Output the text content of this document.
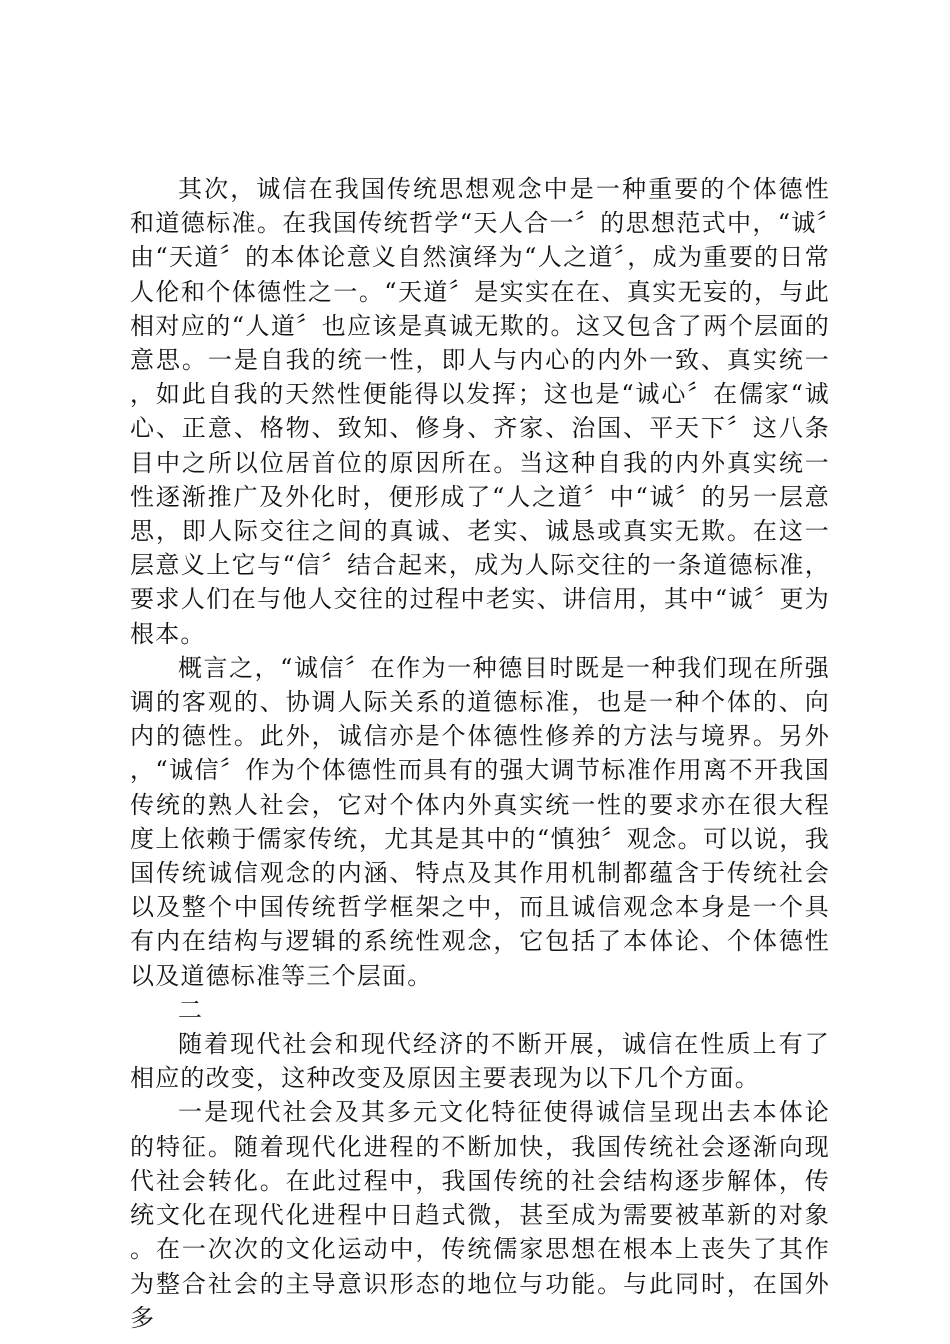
其次，诚信在我国传统思想观念中是一种重要的个体德性和道德标准。在我国传统哲学“天人合一〞的思想范式中，“诚〞由“天道〞的本体论意义自然演绎为“人之道〞，成为重要的日常人伦和个体德性之一。“天道〞是实实在在、真实无妄的，与此相对应的“人道〞也应该是真诚无欺的。这又包含了两个层面的意思。一是自我的统一性，即人与内心的内外一致、真实统一，如此自我的天然性便能得以发挥；这也是“诚心〞在儒家“诚心、正意、格物、致知、修身、齐家、治国、平天下〞这八条目中之所以位居首位的原因所在。当这种自我的内外真实统一性逐渐推广及外化时，便形成了“人之道〞中“诚〞的另一层意思，即人际交往之间的真诚、老实、诚恳或真实无欺。在这一层意义上它与“信〞结合起来，成为人际交往的一条道德标准，要求人们在与他人交往的过程中老实、讲信用，其中“诚〞更为根本。

概言之，“诚信〞在作为一种德目时既是一种我们现在所强调的客观的、协调人际关系的道德标准，也是一种个体的、向内的德性。此外，诚信亦是个体德性修养的方法与境界。另外，“诚信〞作为个体德性而具有的强大调节标准作用离不开我国传统的熟人社会，它对个体内外真实统一性的要求亦在很大程度上依赖于儒家传统，尤其是其中的“慎独〞观念。可以说，我国传统诚信观念的内涵、特点及其作用机制都蕴含于传统社会以及整个中国传统哲学框架之中，而且诚信观念本身是一个具有内在结构与逻辑的系统性观念，它包括了本体论、个体德性以及道德标准等三个层面。

二

随着现代社会和现代经济的不断开展，诚信在性质上有了相应的改变，这种改变及原因主要表现为以下几个方面。

一是现代社会及其多元文化特征使得诚信呈现出去本体论的特征。随着现代化进程的不断加快，我国传统社会逐渐向现代社会转化。在此过程中，我国传统的社会结构逐步解体，传统文化在现代化进程中日趋式微，甚至成为需要被革新的对象。在一次次的文化运动中，传统儒家思想在根本上丧失了其作为整合社会的主导意识形态的地位与功能。与此同时，在国外多
